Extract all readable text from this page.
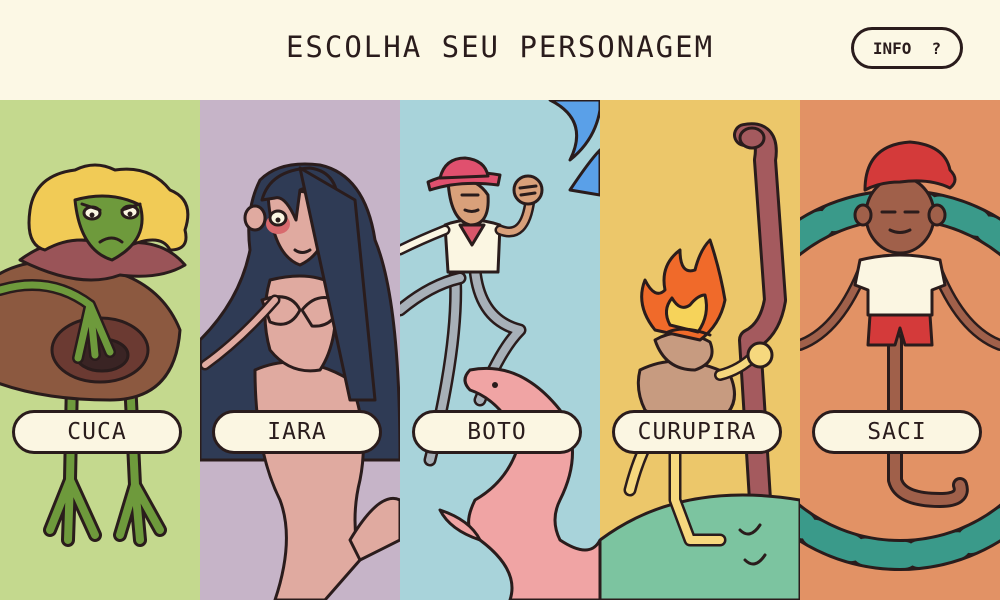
ESCOLHA SEU PERSONAGEM	INFO ?
CUCA	IARA	BOTO	CURUPIRA	SACI
